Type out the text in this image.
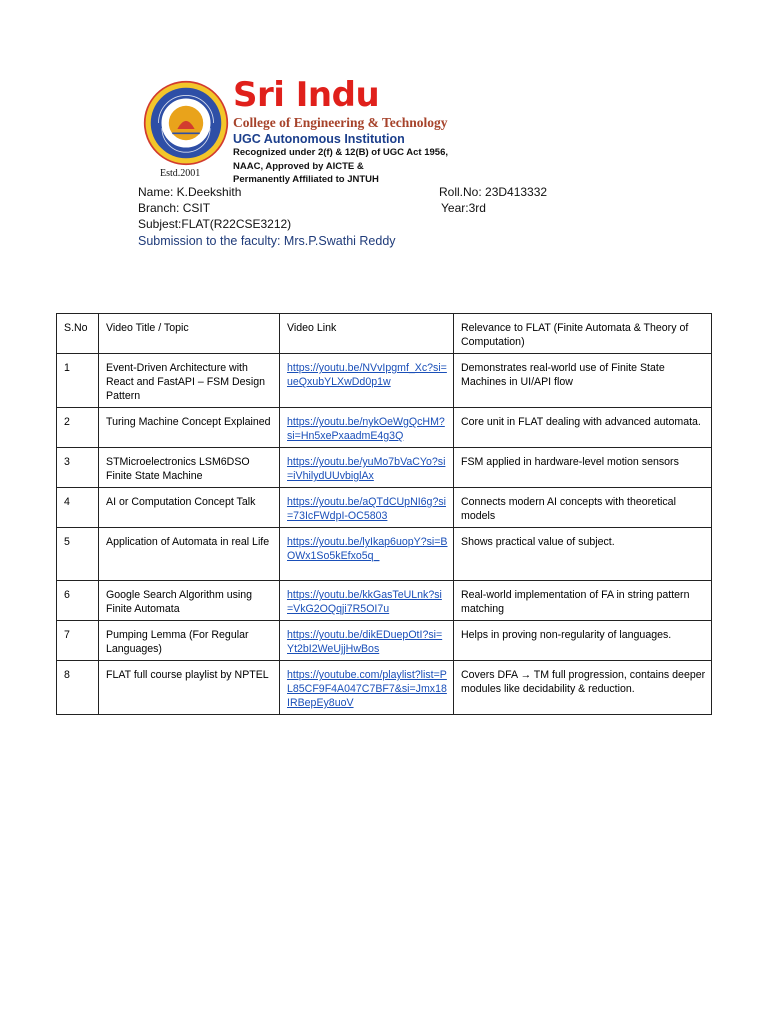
Estd.2001
Sri Indu
College of Engineering & Technology
UGC Autonomous Institution
Recognized under 2(f) & 12(B) of UGC Act 1956,
NAAC, Approved by AICTE &
Permanently Affiliated to JNTUH
Name: K.Deekshith
Branch: CSIT
Subjest:FLAT(R22CSE3212)
Roll.No: 23D413332
Year:3rd
Submission to the faculty: Mrs.P.Swathi Reddy
S.No	Video Title / Topic	Video Link	Relevance to FLAT (Finite Automata & Theory of Computation)
1	Event-Driven Architecture with React and FastAPI – FSM Design Pattern	https://youtu.be/NVvIpgmf_Xc?si=ueQxubYLXwDd0p1w	Demonstrates real-world use of Finite State Machines in UI/API flow
2	Turing Machine Concept Explained	https://youtu.be/nykOeWgQcHM?si=Hn5xePxaadmE4g3Q	Core unit in FLAT dealing with advanced automata.
3	STMicroelectronics LSM6DSO Finite State Machine	https://youtu.be/yuMo7bVaCYo?si=iVhilydUUvbiglAx	FSM applied in hardware-level motion sensors
4	AI or Computation Concept Talk	https://youtu.be/aQTdCUpNI6g?si=73IcFWdpI-OC5803	Connects modern AI concepts with theoretical models
5	Application of Automata in real Life	https://youtu.be/lyIkap6uopY?si=BOWx1So5kEfxo5q_	Shows practical value of subject.
6	Google Search Algorithm using Finite Automata	https://youtu.be/kkGasTeULnk?si=VkG2OQqji7R5OI7u	Real-world implementation of FA in string pattern matching
7	Pumping Lemma (For Regular Languages)	https://youtu.be/dikEDuepOtI?si=Yt2bI2WeUjjHwBos	Helps in proving non-regularity of languages.
8	FLAT full course playlist by NPTEL	https://youtube.com/playlist?list=PL85CF9F4A047C7BF7&si=Jmx18IRBepEy8uoV	Covers DFA → TM full progression, contains deeper modules like decidability & reduction.
